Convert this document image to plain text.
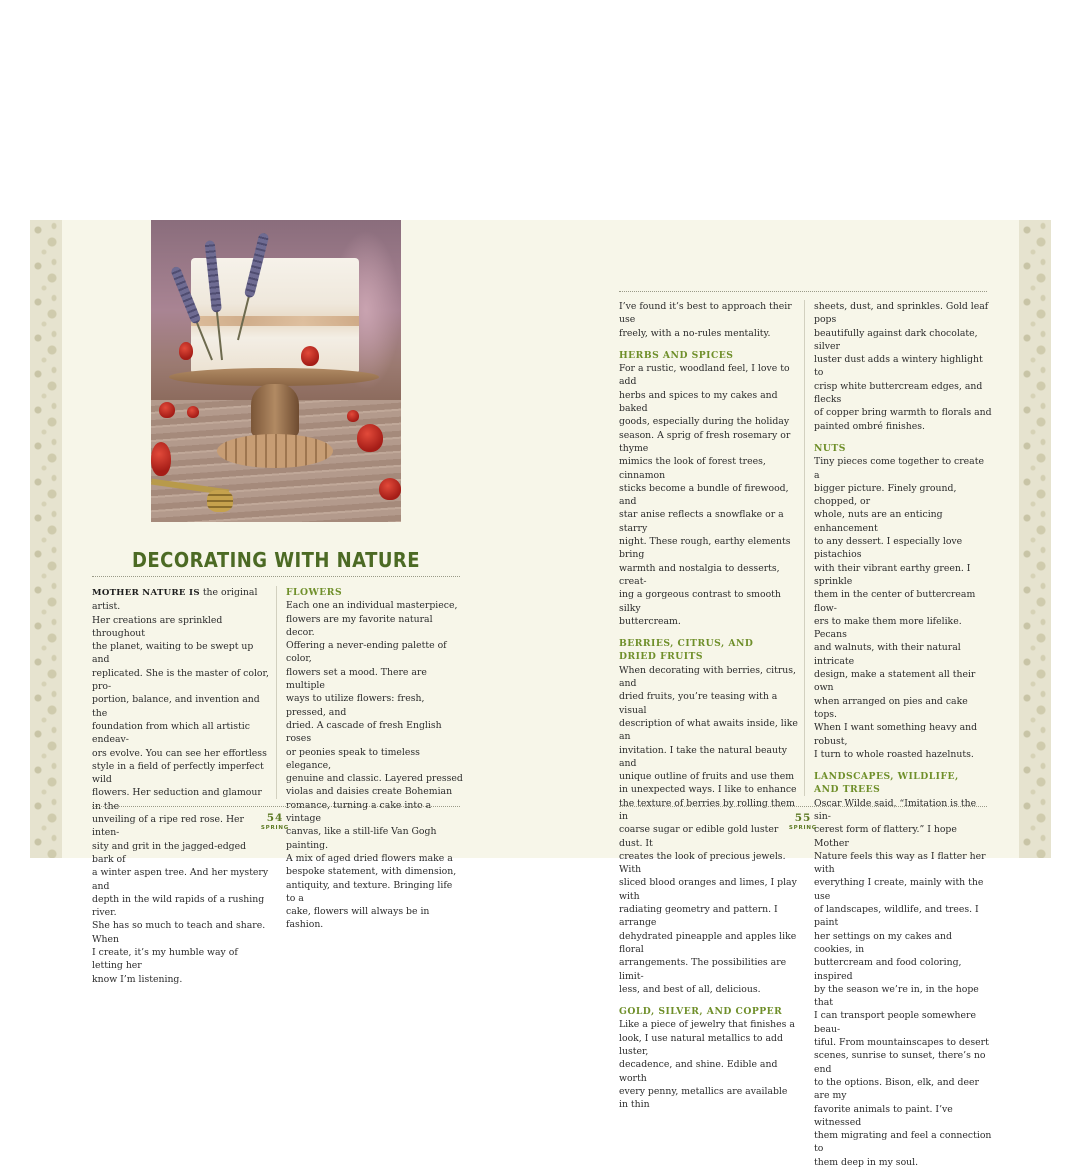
DECORATING WITH NATURE

MOTHER NATURE IS the original artist.

Her creations are sprinkled throughout

the planet, waiting to be swept up and

replicated. She is the master of color, pro-

portion, balance, and invention and the

foundation from which all artistic endeav-

ors evolve. You can see her effortless

style in a field of perfectly imperfect wild

flowers. Her seduction and glamour in the

unveiling of a ripe red rose. Her inten-

sity and grit in the jagged-edged bark of

a winter aspen tree. And her mystery and

depth in the wild rapids of a rushing river.

She has so much to teach and share. When

I create, it’s my humble way of letting her

know I’m listening.

FLOWERS

Each one an individual masterpiece,

flowers are my favorite natural decor.

Offering a never-ending palette of color,

flowers set a mood. There are multiple

ways to utilize flowers: fresh, pressed, and

dried. A cascade of fresh English roses

or peonies speak to timeless elegance,

genuine and classic. Layered pressed

violas and daisies create Bohemian

romance, turning a cake into a vintage

canvas, like a still-life Van Gogh painting.

A mix of aged dried flowers make a

bespoke statement, with dimension,

antiquity, and texture. Bringing life to a

cake, flowers will always be in fashion.

54
SPRING

I’ve found it’s best to approach their use

freely, with a no-rules mentality.

HERBS AND SPICES

For a rustic, woodland feel, I love to add

herbs and spices to my cakes and baked

goods, especially during the holiday

season. A sprig of fresh rosemary or thyme

mimics the look of forest trees, cinnamon

sticks become a bundle of firewood, and

star anise reflects a snowflake or a starry

night. These rough, earthy elements bring

warmth and nostalgia to desserts, creat-

ing a gorgeous contrast to smooth silky

buttercream.

BERRIES, CITRUS, AND

DRIED FRUITS

When decorating with berries, citrus, and

dried fruits, you’re teasing with a visual

description of what awaits inside, like an

invitation. I take the natural beauty and

unique outline of fruits and use them

in unexpected ways. I like to enhance

the texture of berries by rolling them in

coarse sugar or edible gold luster dust. It

creates the look of precious jewels. With

sliced blood oranges and limes, I play with

radiating geometry and pattern. I arrange

dehydrated pineapple and apples like floral

arrangements. The possibilities are limit-

less, and best of all, delicious.

GOLD, SILVER, AND COPPER

Like a piece of jewelry that finishes a

look, I use natural metallics to add luster,

decadence, and shine. Edible and worth

every penny, metallics are available in thin

sheets, dust, and sprinkles. Gold leaf pops

beautifully against dark chocolate, silver

luster dust adds a wintery highlight to

crisp white buttercream edges, and flecks

of copper bring warmth to florals and

painted ombré finishes.

NUTS

Tiny pieces come together to create a

bigger picture. Finely ground, chopped, or

whole, nuts are an enticing enhancement

to any dessert. I especially love pistachios

with their vibrant earthy green. I sprinkle

them in the center of buttercream flow-

ers to make them more lifelike. Pecans

and walnuts, with their natural intricate

design, make a statement all their own

when arranged on pies and cake tops.

When I want something heavy and robust,

I turn to whole roasted hazelnuts.

LANDSCAPES, WILDLIFE,

AND TREES

Oscar Wilde said, “Imitation is the sin-

cerest form of flattery.” I hope Mother

Nature feels this way as I flatter her with

everything I create, mainly with the use

of landscapes, wildlife, and trees. I paint

her settings on my cakes and cookies, in

buttercream and food coloring, inspired

by the season we’re in, in the hope that

I can transport people somewhere beau-

tiful. From mountainscapes to desert

scenes, sunrise to sunset, there’s no end

to the options. Bison, elk, and deer are my

favorite animals to paint. I’ve witnessed

them migrating and feel a connection to

them deep in my soul.

55
SPRING
